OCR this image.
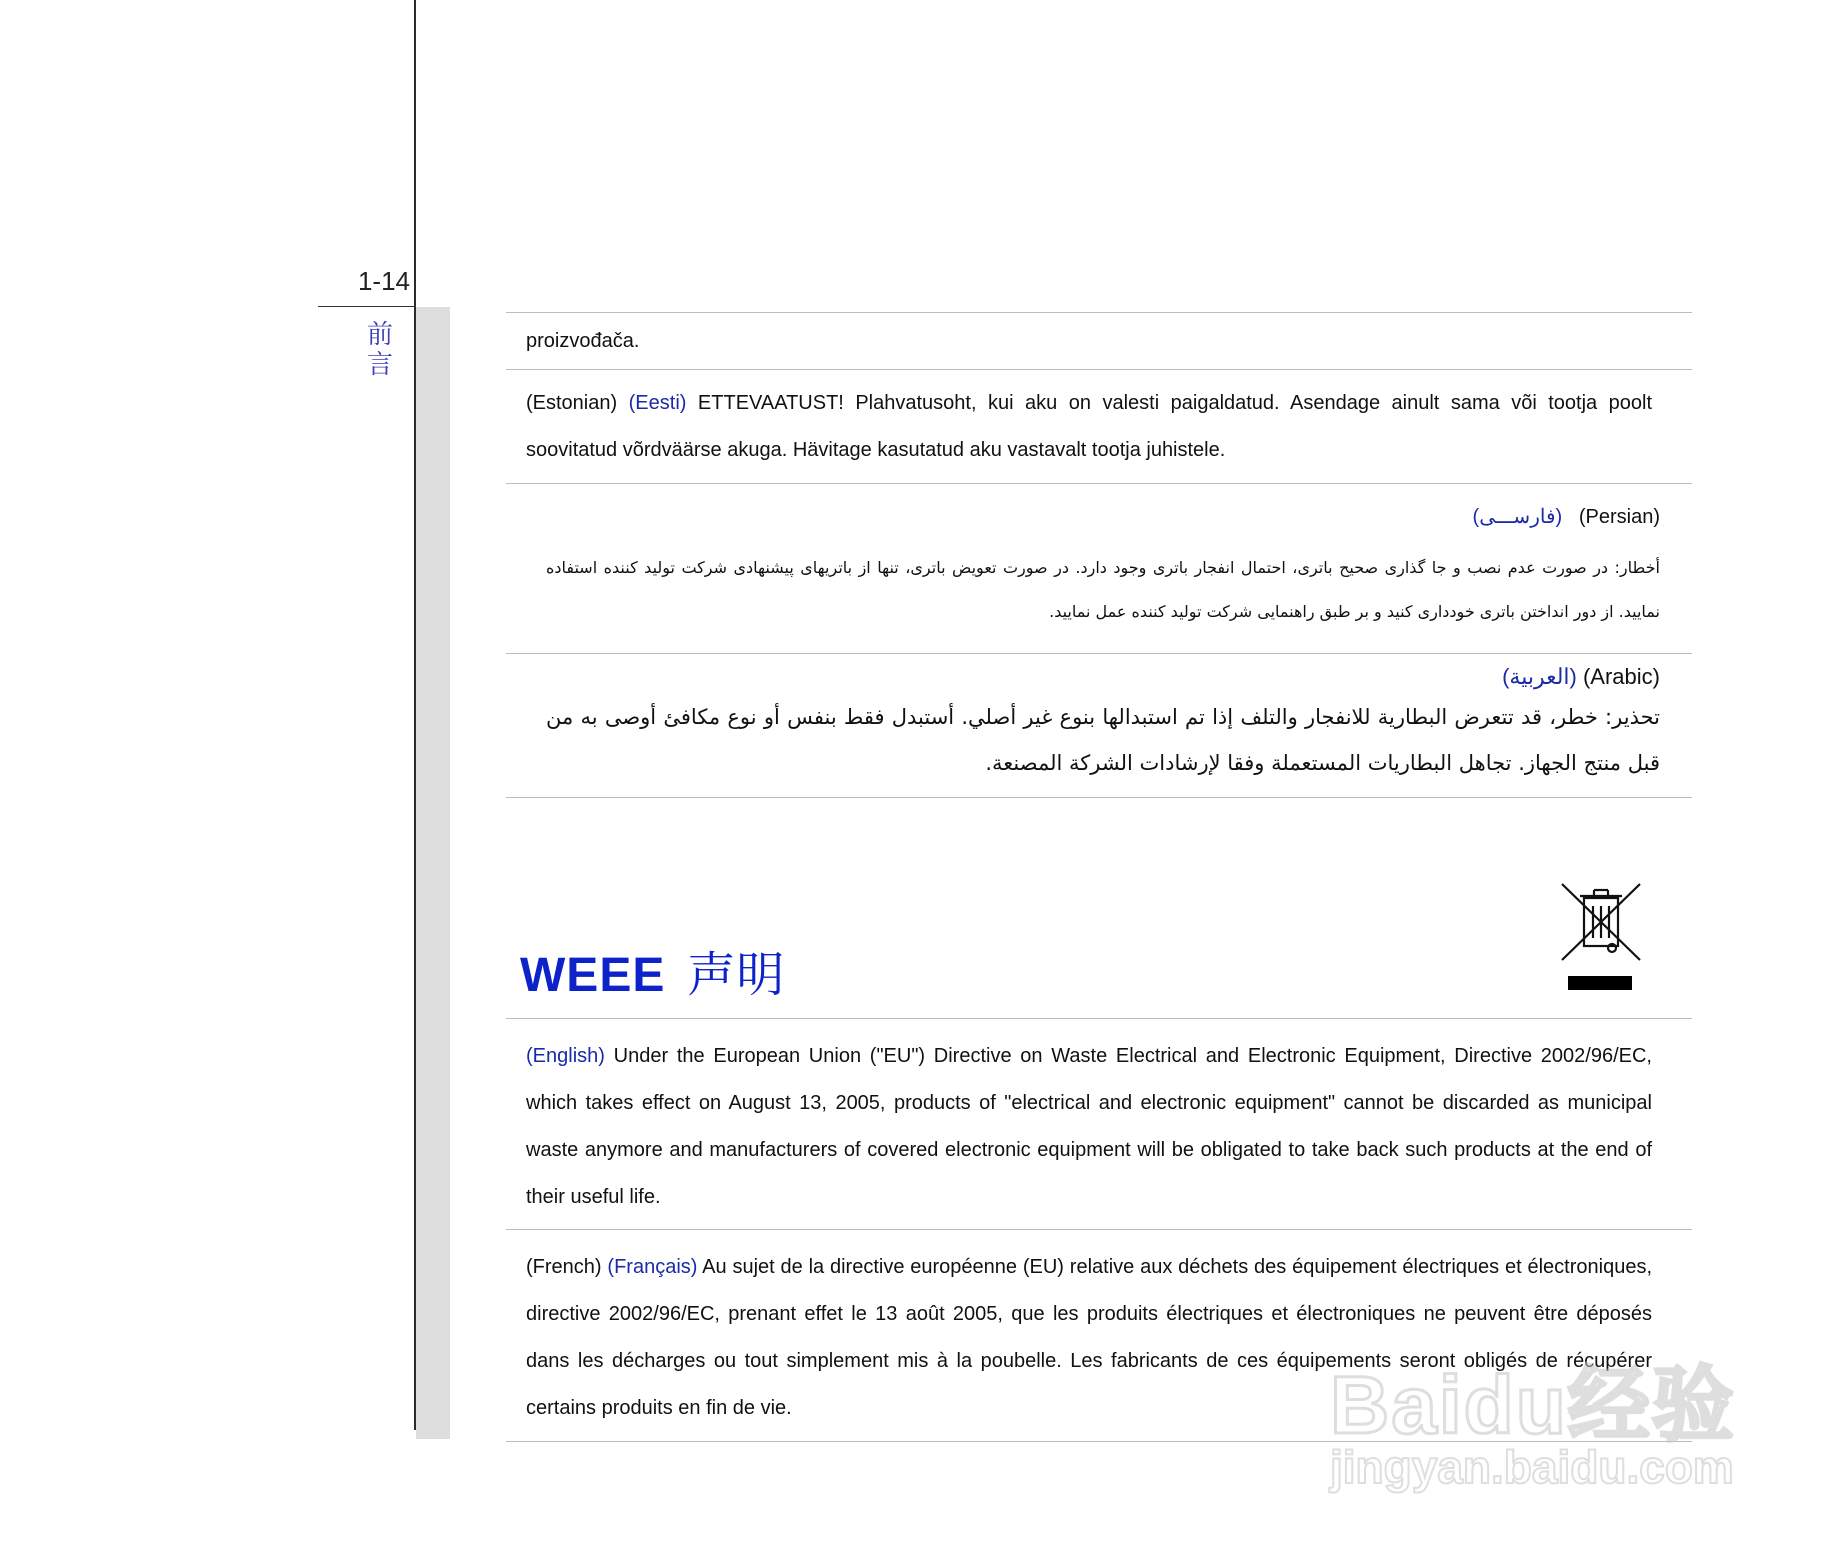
1-14
前言

proizvođača.

(Estonian) (Eesti) ETTEVAATUST! Plahvatusoht, kui aku on valesti paigaldatud. Asendage ainult sama või tootja poolt soovitatud võrdväärse akuga. Hävitage kasutatud aku vastavalt tootja juhistele.

(فارســـی) (Persian)

أخطار: در صورت عدم نصب و جا گذاری صحیح باتری، احتمال انفجار باتری وجود دارد. در صورت تعویض باتری، تنها از باتریهای پیشنهادی شرکت تولید کننده استفاده نمایید. از دور انداختن باتری خودداری کنید و بر طبق راهنمایی شرکت تولید کننده عمل نمایید.

(العربية) (Arabic)

تحذير: خطر، قد تتعرض البطارية للانفجار والتلف إذا تم استبدالها بنوع غير أصلي. أستبدل فقط بنفس أو نوع مكافئ أوصى به من قبل منتج الجهاز. تجاهل البطاريات المستعملة وفقا لإرشادات الشركة المصنعة.

WEEE 声明

(English) Under the European Union ("EU") Directive on Waste Electrical and Electronic Equipment, Directive 2002/96/EC, which takes effect on August 13, 2005, products of "electrical and electronic equipment" cannot be discarded as municipal waste anymore and manufacturers of covered electronic equipment will be obligated to take back such products at the end of their useful life.

(French) (Français) Au sujet de la directive européenne (EU) relative aux déchets des équipement électriques et électroniques, directive 2002/96/EC, prenant effet le 13 août 2005, que les produits électriques et électroniques ne peuvent être déposés dans les décharges ou tout simplement mis à la poubelle. Les fabricants de ces équipements seront obligés de récupérer certains produits en fin de vie.	Baidu经验
jingyan.baidu.com
